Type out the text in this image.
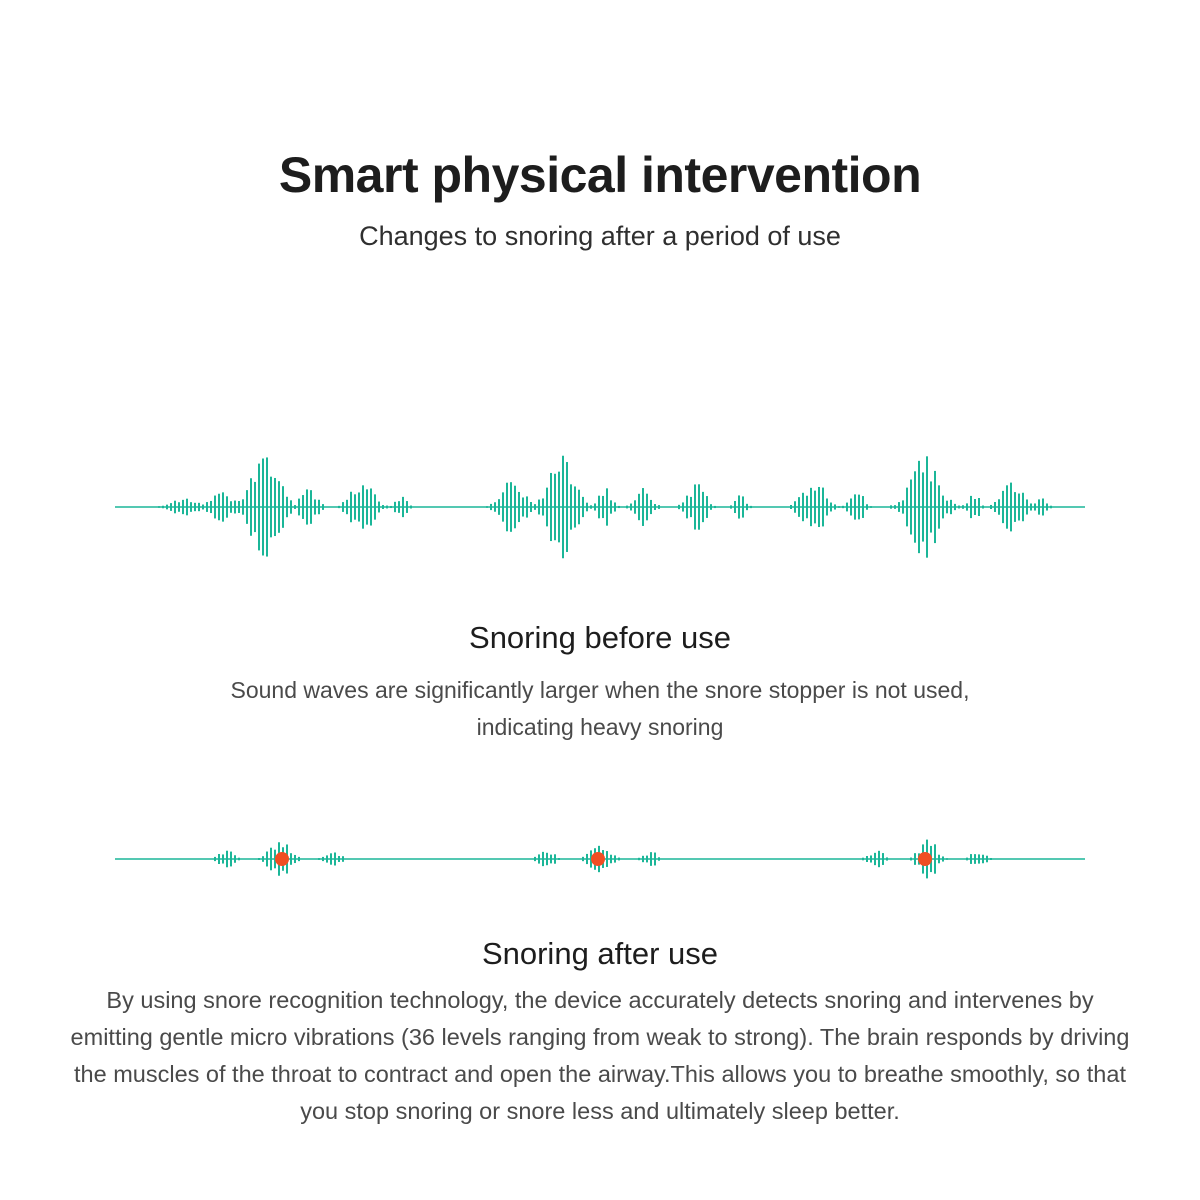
Smart physical intervention
Changes to snoring after a period of use
Snoring before use
Sound waves are significantly larger when the snore stopper is not used, indicating heavy snoring
Snoring after use
By using snore recognition technology, the device accurately detects snoring and intervenes by emitting gentle micro vibrations (36 levels ranging from weak to strong). The brain responds by driving the muscles of the throat to contract and open the airway.This allows you to breathe smoothly, so that you stop snoring or snore less and ultimately sleep better.
